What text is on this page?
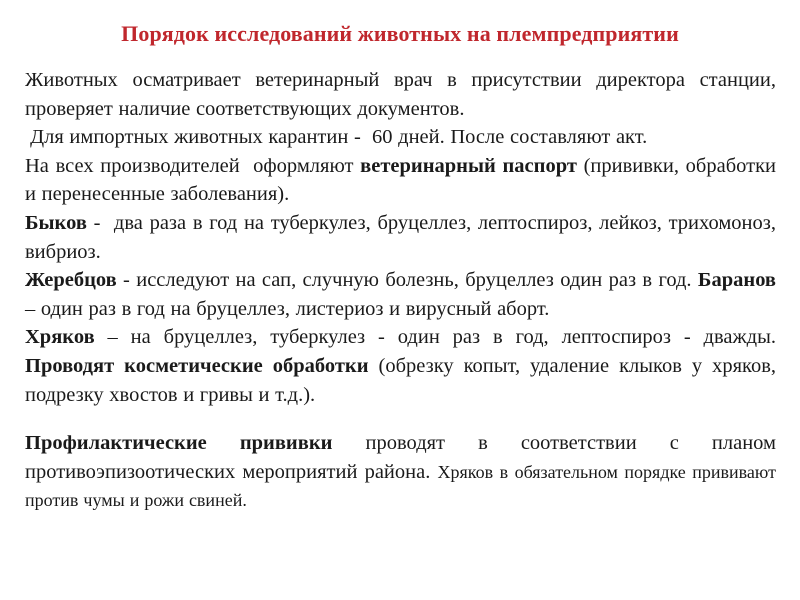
Порядок исследований животных на племпредприятии

Животных осматривает ветеринарный врач в присутствии директора станции, проверяет наличие соответствующих документов.

Для импортных животных карантин -  60 дней. После составляют акт.

На всех производителей  оформляют ветеринарный паспорт (прививки, обработки и перенесенные заболевания).

Быков -  два раза в год на туберкулез, бруцеллез, лептоспироз, лейкоз, трихомоноз, вибриоз.

Жеребцов - исследуют на сап, случную болезнь, бруцеллез один раз в год. Баранов – один раз в год на бруцеллез, листериоз и вирусный аборт.

Хряков – на бруцеллез, туберкулез - один раз в год, лептоспироз - дважды. Проводят косметические обработки (обрезку копыт, удаление клыков у хряков, подрезку хвостов и гривы и т.д.).

Профилактические прививки проводят в соответствии с планом противоэпизоотических мероприятий района. Хряков в обязательном порядке прививают против чумы и рожи свиней.
